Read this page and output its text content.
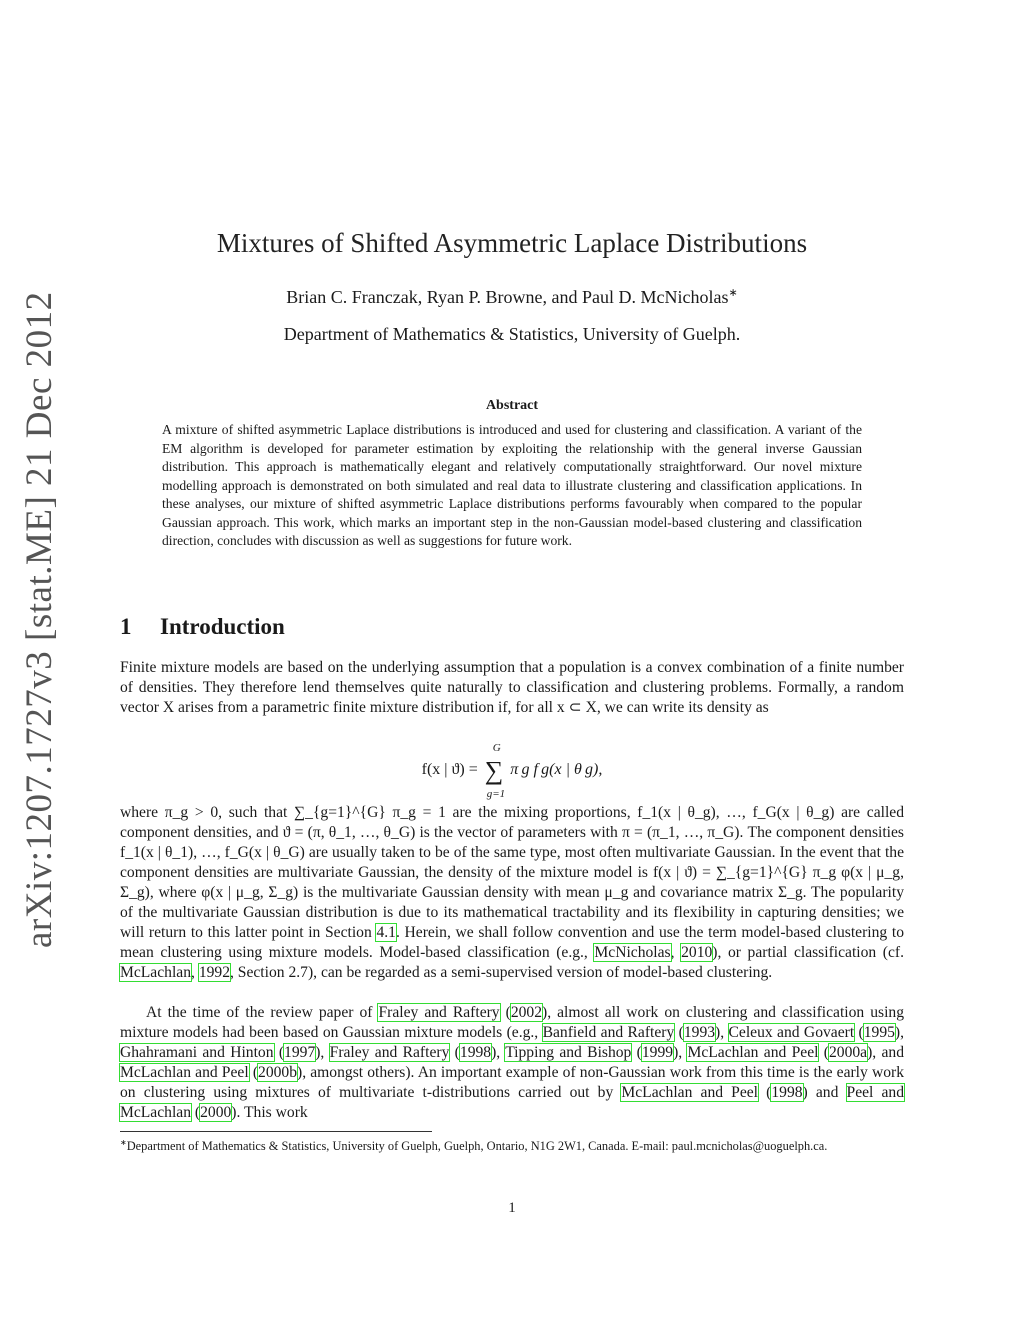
arXiv:1207.1727v3 [stat.ME] 21 Dec 2012
Mixtures of Shifted Asymmetric Laplace Distributions
Brian C. Franczak, Ryan P. Browne, and Paul D. McNicholas∗
Department of Mathematics & Statistics, University of Guelph.
Abstract
A mixture of shifted asymmetric Laplace distributions is introduced and used for clustering and classification. A variant of the EM algorithm is developed for parameter estimation by exploiting the relationship with the general inverse Gaussian distribution. This approach is mathematically elegant and relatively computationally straightforward. Our novel mixture modelling approach is demonstrated on both simulated and real data to illustrate clustering and classification applications. In these analyses, our mixture of shifted asymmetric Laplace distributions performs favourably when compared to the popular Gaussian approach. This work, which marks an important step in the non-Gaussian model-based clustering and classification direction, concludes with discussion as well as suggestions for future work.
1 Introduction
Finite mixture models are based on the underlying assumption that a population is a convex combination of a finite number of densities. They therefore lend themselves quite naturally to classification and clustering problems. Formally, a random vector X arises from a parametric finite mixture distribution if, for all x ⊂ X, we can write its density as
f(x | ϑ) =
G
∑
g=1
π g f g(x | θ g),
where π_g > 0, such that ∑_{g=1}^{G} π_g = 1 are the mixing proportions, f_1(x | θ_g), …, f_G(x | θ_g) are called component densities, and ϑ = (π, θ_1, …, θ_G) is the vector of parameters with π = (π_1, …, π_G). The component densities f_1(x | θ_1), …, f_G(x | θ_G) are usually taken to be of the same type, most often multivariate Gaussian. In the event that the component densities are multivariate Gaussian, the density of the mixture model is f(x | ϑ) = ∑_{g=1}^{G} π_g φ(x | μ_g, Σ_g), where φ(x | μ_g, Σ_g) is the multivariate Gaussian density with mean μ_g and covariance matrix Σ_g. The popularity of the multivariate Gaussian distribution is due to its mathematical tractability and its flexibility in capturing densities; we will return to this latter point in Section 4.1. Herein, we shall follow convention and use the term model-based clustering to mean clustering using mixture models. Model-based classification (e.g., McNicholas, 2010), or partial classification (cf. McLachlan, 1992, Section 2.7), can be regarded as a semi-supervised version of model-based clustering.
At the time of the review paper of Fraley and Raftery (2002), almost all work on clustering and classification using mixture models had been based on Gaussian mixture models (e.g., Banfield and Raftery (1993), Celeux and Govaert (1995), Ghahramani and Hinton (1997), Fraley and Raftery (1998), Tipping and Bishop (1999), McLachlan and Peel (2000a), and McLachlan and Peel (2000b), amongst others). An important example of non-Gaussian work from this time is the early work on clustering using mixtures of multivariate t-distributions carried out by McLachlan and Peel (1998) and Peel and McLachlan (2000). This work
∗Department of Mathematics & Statistics, University of Guelph, Guelph, Ontario, N1G 2W1, Canada. E-mail: paul.mcnicholas@uoguelph.ca.
1
